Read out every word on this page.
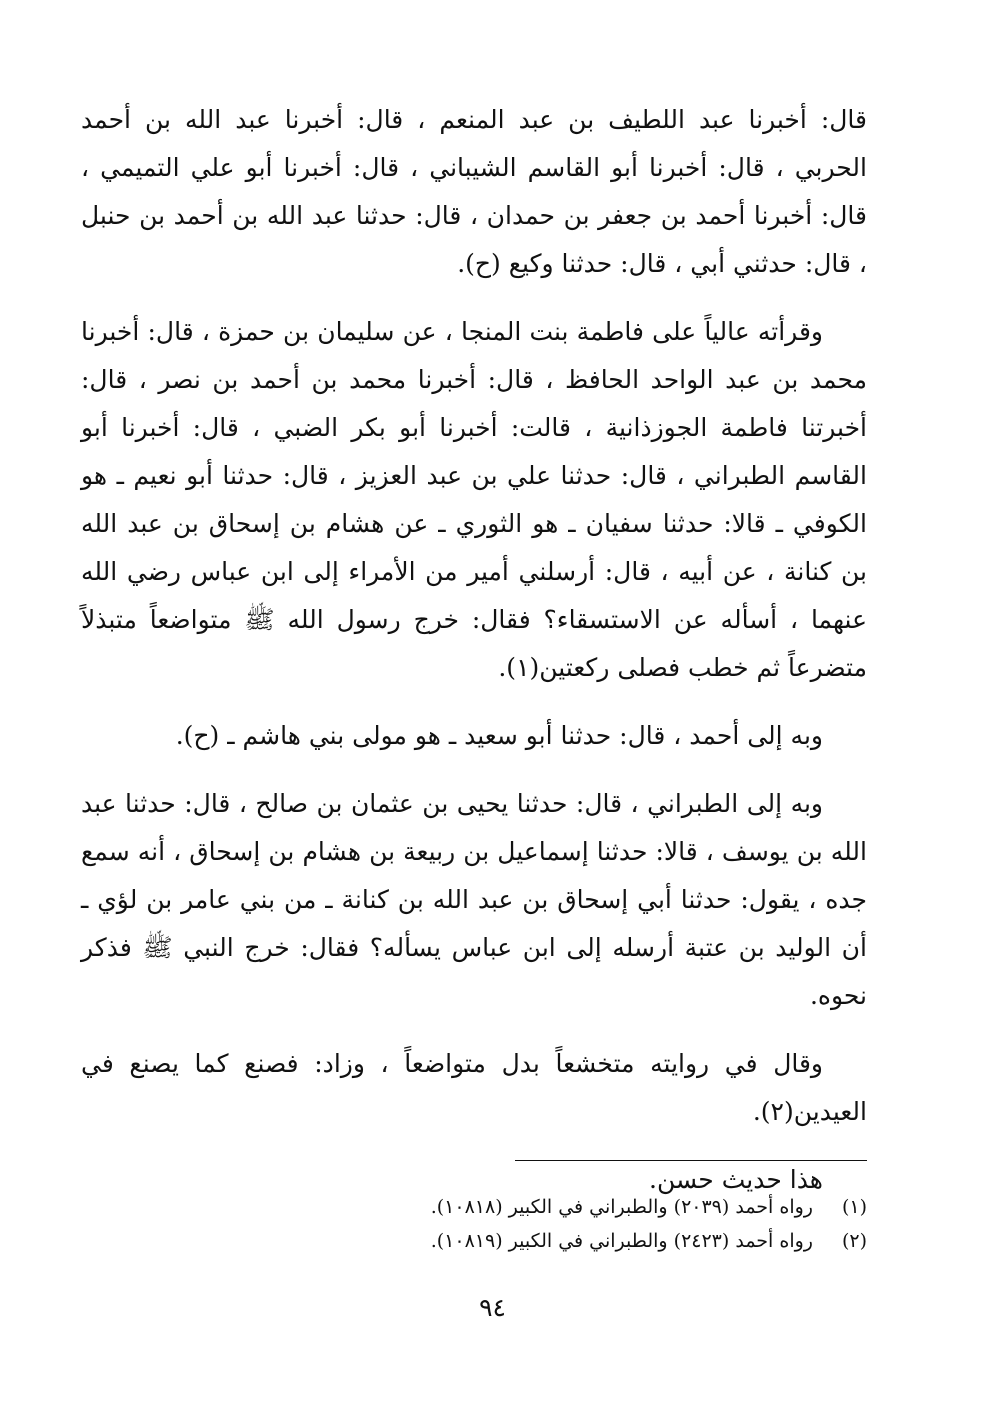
قال: أخبرنا عبد اللطيف بن عبد المنعم ، قال: أخبرنا عبد الله بن أحمد الحربي ، قال: أخبرنا أبو القاسم الشيباني ، قال: أخبرنا أبو علي التميمي ، قال: أخبرنا أحمد بن جعفر بن حمدان ، قال: حدثنا عبد الله بن أحمد بن حنبل ، قال: حدثني أبي ، قال: حدثنا وكيع (ح).

وقرأته عالياً على فاطمة بنت المنجا ، عن سليمان بن حمزة ، قال: أخبرنا محمد بن عبد الواحد الحافظ ، قال: أخبرنا محمد بن أحمد بن نصر ، قال: أخبرتنا فاطمة الجوزذانية ، قالت: أخبرنا أبو بكر الضبي ، قال: أخبرنا أبو القاسم الطبراني ، قال: حدثنا علي بن عبد العزيز ، قال: حدثنا أبو نعيم ـ هو الكوفي ـ قالا: حدثنا سفيان ـ هو الثوري ـ عن هشام بن إسحاق بن عبد الله بن كنانة ، عن أبيه ، قال: أرسلني أمير من الأمراء إلى ابن عباس رضي الله عنهما ، أسأله عن الاستسقاء؟ فقال: خرج رسول الله ﷺ متواضعاً متبذلاً متضرعاً ثم خطب فصلى ركعتين(١).

وبه إلى أحمد ، قال: حدثنا أبو سعيد ـ هو مولى بني هاشم ـ (ح).

وبه إلى الطبراني ، قال: حدثنا يحيى بن عثمان بن صالح ، قال: حدثنا عبد الله بن يوسف ، قالا: حدثنا إسماعيل بن ربيعة بن هشام بن إسحاق ، أنه سمع جده ، يقول: حدثنا أبي إسحاق بن عبد الله بن كنانة ـ من بني عامر بن لؤي ـ أن الوليد بن عتبة أرسله إلى ابن عباس يسأله؟ فقال: خرج النبي ﷺ فذكر نحوه.

وقال في روايته متخشعاً بدل متواضعاً ، وزاد: فصنع كما يصنع في العيدين(٢).

هذا حديث حسن.

(١) رواه أحمد (٢٠٣٩) والطبراني في الكبير (١٠٨١٨).

(٢) رواه أحمد (٢٤٢٣) والطبراني في الكبير (١٠٨١٩).

٩٤
